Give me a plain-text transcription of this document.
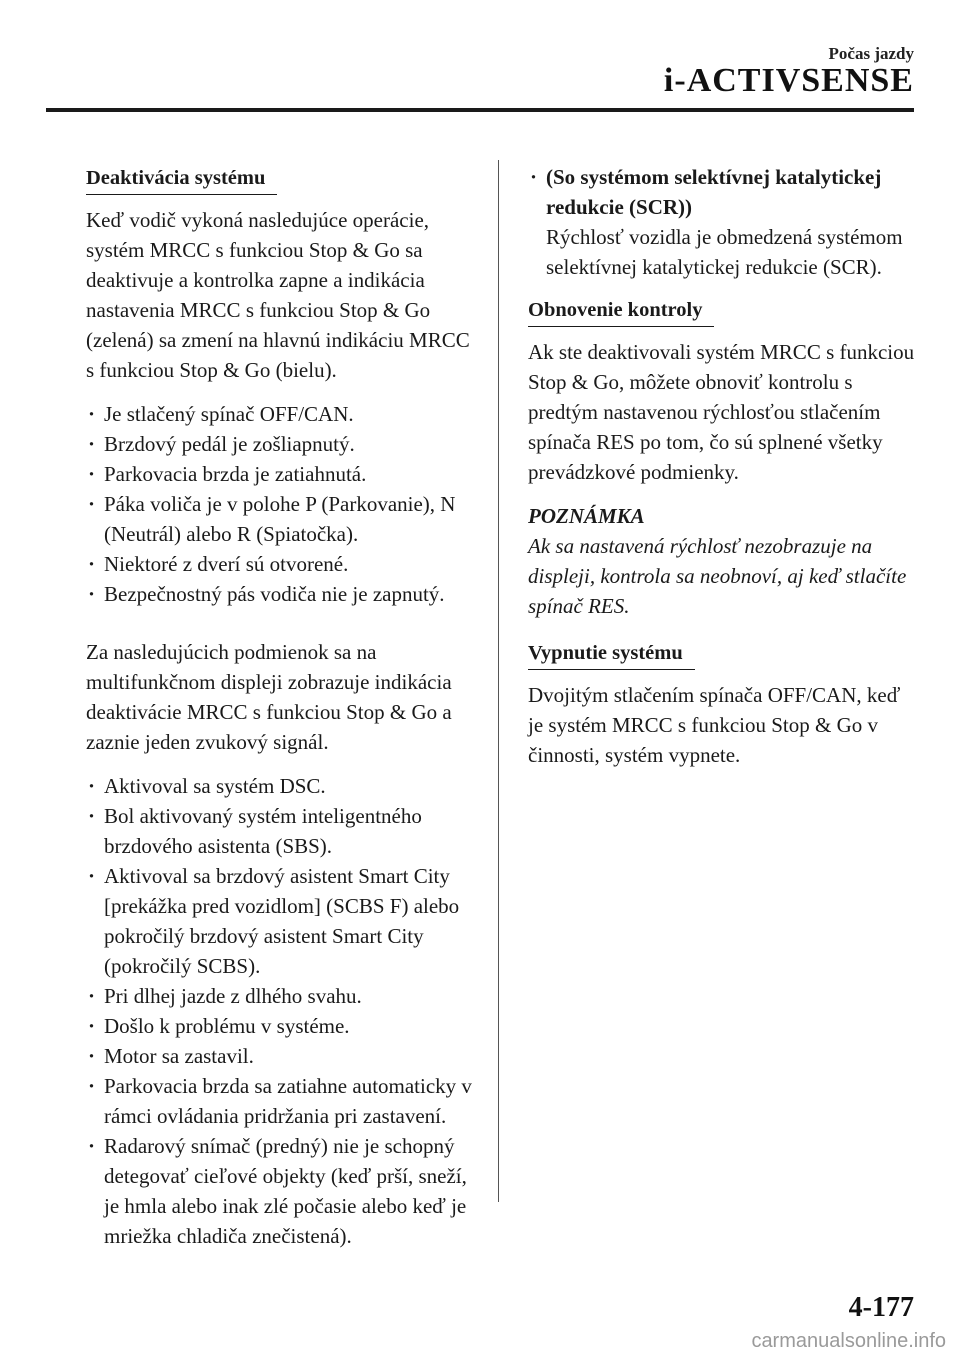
Počas jazdy
i-ACTIVSENSE
Deaktivácia systému

Keď vodič vykoná nasledujúce operácie, systém MRCC s funkciou Stop & Go sa deaktivuje a kontrolka zapne a indikácia nastavenia MRCC s funkciou Stop & Go (zelená) sa zmení na hlavnú indikáciu MRCC s funkciou Stop & Go (bielu).

· Je stlačený spínač OFF/CAN.
· Brzdový pedál je zošliapnutý.
· Parkovacia brzda je zatiahnutá.
· Páka voliča je v polohe P (Parkovanie), N (Neutrál) alebo R (Spiatočka).
· Niektoré z dverí sú otvorené.
· Bezpečnostný pás vodiča nie je zapnutý.

Za nasledujúcich podmienok sa na multifunkčnom displeji zobrazuje indikácia deaktivácie MRCC s funkciou Stop & Go a zaznie jeden zvukový signál.

· Aktivoval sa systém DSC.
· Bol aktivovaný systém inteligentného brzdového asistenta (SBS).
· Aktivoval sa brzdový asistent Smart City [prekážka pred vozidlom] (SCBS F) alebo pokročilý brzdový asistent Smart City (pokročilý SCBS).
· Pri dlhej jazde z dlhého svahu.
· Došlo k problému v systéme.
· Motor sa zastavil.
· Parkovacia brzda sa zatiahne automaticky v rámci ovládania pridržania pri zastavení.
· Radarový snímač (predný) nie je schopný detegovať cieľové objekty (keď prší, sneží, je hmla alebo inak zlé počasie alebo keď je mriežka chladiča znečistená).
· (So systémom selektívnej katalytickej redukcie (SCR))
Rýchlosť vozidla je obmedzená systémom selektívnej katalytickej redukcie (SCR).
Obnovenie kontroly

Ak ste deaktivovali systém MRCC s funkciou Stop & Go, môžete obnoviť kontrolu s predtým nastavenou rýchlosťou stlačením spínača RES po tom, čo sú splnené všetky prevádzkové podmienky.

POZNÁMKA

Ak sa nastavená rýchlosť nezobrazuje na displeji, kontrola sa neobnoví, aj keď stlačíte spínač RES.

Vypnutie systému

Dvojitým stlačením spínača OFF/CAN, keď je systém MRCC s funkciou Stop & Go v činnosti, systém vypnete.

4-177
carmanualsonline.info
